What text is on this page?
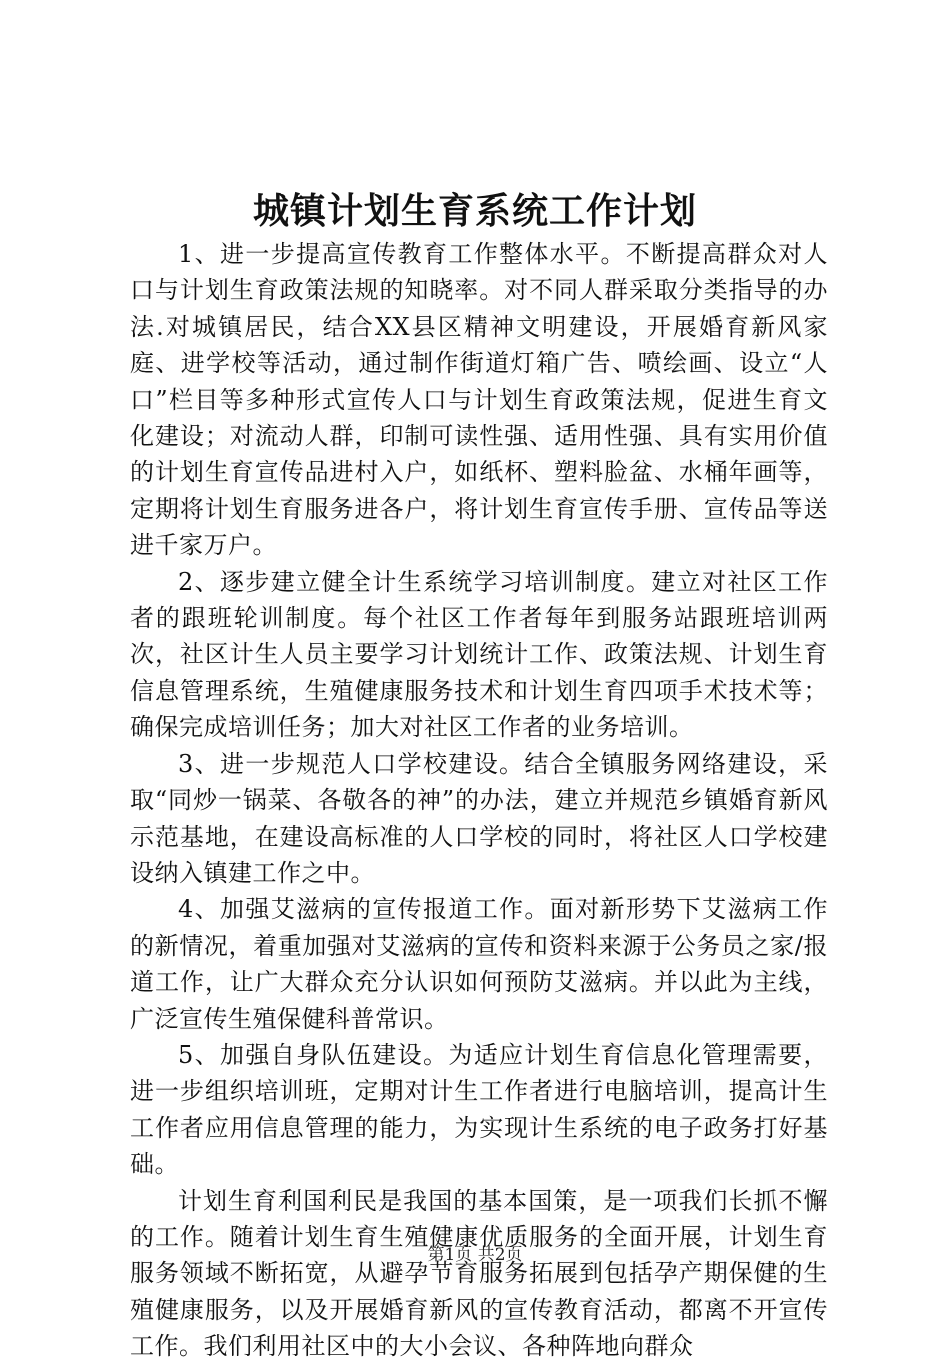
城镇计划生育系统工作计划

1、进一步提高宣传教育工作整体水平。不断提高群众对人口与计划生育政策法规的知晓率。对不同人群采取分类指导的办法.对城镇居民，结合XX县区精神文明建设，开展婚育新风家庭、进学校等活动，通过制作街道灯箱广告、喷绘画、设立“人口”栏目等多种形式宣传人口与计划生育政策法规，促进生育文化建设；对流动人群，印制可读性强、适用性强、具有实用价值的计划生育宣传品进村入户，如纸杯、塑料脸盆、水桶年画等，定期将计划生育服务进各户，将计划生育宣传手册、宣传品等送进千家万户。

2、逐步建立健全计生系统学习培训制度。建立对社区工作者的跟班轮训制度。每个社区工作者每年到服务站跟班培训两次，社区计生人员主要学习计划统计工作、政策法规、计划生育信息管理系统，生殖健康服务技术和计划生育四项手术技术等；确保完成培训任务；加大对社区工作者的业务培训。

3、进一步规范人口学校建设。结合全镇服务网络建设，采取“同炒一锅菜、各敬各的神”的办法，建立并规范乡镇婚育新风示范基地，在建设高标准的人口学校的同时，将社区人口学校建设纳入镇建工作之中。

4、加强艾滋病的宣传报道工作。面对新形势下艾滋病工作的新情况，着重加强对艾滋病的宣传和资料来源于公务员之家/报道工作，让广大群众充分认识如何预防艾滋病。并以此为主线，广泛宣传生殖保健科普常识。

5、加强自身队伍建设。为适应计划生育信息化管理需要，进一步组织培训班，定期对计生工作者进行电脑培训，提高计生工作者应用信息管理的能力，为实现计生系统的电子政务打好基础。

计划生育利国利民是我国的基本国策，是一项我们长抓不懈的工作。随着计划生育生殖健康优质服务的全面开展，计划生育服务领域不断拓宽，从避孕节育服务拓展到包括孕产期保健的生殖健康服务，以及开展婚育新风的宣传教育活动，都离不开宣传工作。我们利用社区中的大小会议、各种阵地向群众

第1页 共2页
